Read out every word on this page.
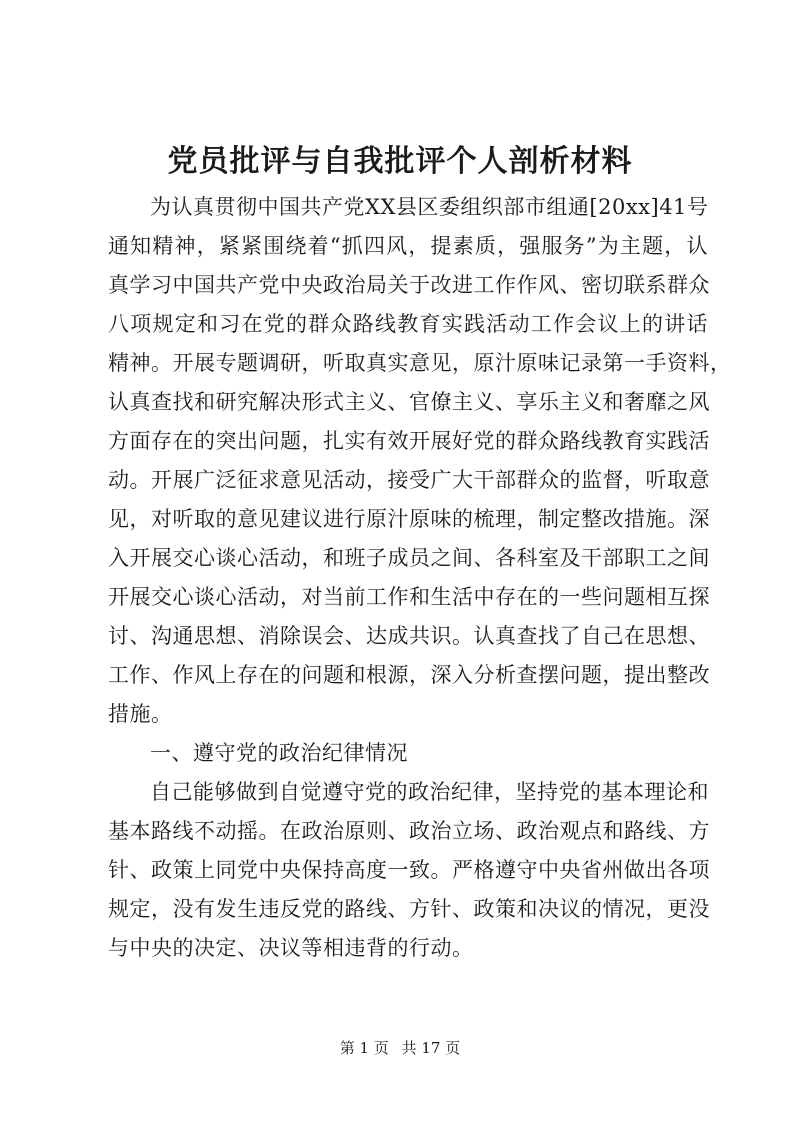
党员批评与自我批评个人剖析材料
为认真贯彻中国共产党XX县区委组织部市组通[20xx]41号
通知精神，紧紧围绕着“抓四风，提素质，强服务”为主题，认
真学习中国共产党中央政治局关于改进工作作风、密切联系群众
八项规定和习在党的群众路线教育实践活动工作会议上的讲话
精神。开展专题调研，听取真实意见，原汁原味记录第一手资料，
认真查找和研究解决形式主义、官僚主义、享乐主义和奢靡之风
方面存在的突出问题，扎实有效开展好党的群众路线教育实践活
动。开展广泛征求意见活动，接受广大干部群众的监督，听取意
见，对听取的意见建议进行原汁原味的梳理，制定整改措施。深
入开展交心谈心活动，和班子成员之间、各科室及干部职工之间
开展交心谈心活动，对当前工作和生活中存在的一些问题相互探
讨、沟通思想、消除误会、达成共识。认真查找了自己在思想、
工作、作风上存在的问题和根源，深入分析查摆问题，提出整改
措施。
一、遵守党的政治纪律情况
自己能够做到自觉遵守党的政治纪律，坚持党的基本理论和
基本路线不动摇。在政治原则、政治立场、政治观点和路线、方
针、政策上同党中央保持高度一致。严格遵守中央省州做出各项
规定，没有发生违反党的路线、方针、政策和决议的情况，更没
与中央的决定、决议等相违背的行动。
第 1 页 共 17 页
